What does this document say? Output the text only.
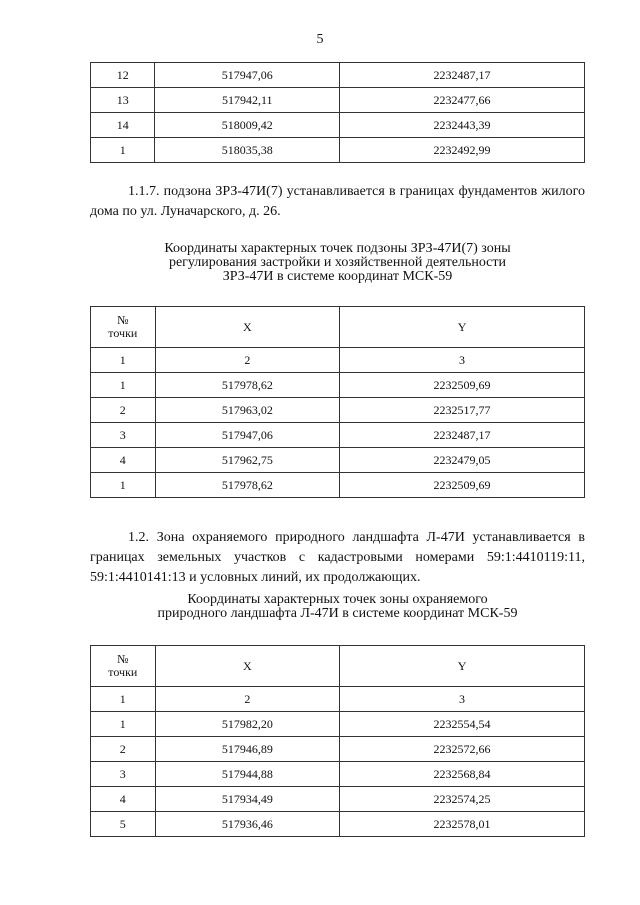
5
12	517947,06	2232487,17
13	517942,11	2232477,66
14	518009,42	2232443,39
1	518035,38	2232492,99
1.1.7. подзона ЗРЗ-47И(7) устанавливается в границах фундаментов жилого дома по ул. Луначарского, д. 26.
Координаты характерных точек подзоны ЗРЗ-47И(7) зоны
регулирования застройки и хозяйственной деятельности
ЗРЗ-47И в системе координат МСК-59
№
точки	X	Y
1	2	3
1	517978,62	2232509,69
2	517963,02	2232517,77
3	517947,06	2232487,17
4	517962,75	2232479,05
1	517978,62	2232509,69
1.2. Зона охраняемого природного ландшафта Л-47И устанавливается в границах земельных участков с кадастровыми номерами 59:1:4410119:11, 59:1:4410141:13 и условных линий, их продолжающих.
Координаты характерных точек зоны охраняемого
природного ландшафта Л-47И в системе координат МСК-59
№
точки	X	Y
1	2	3
1	517982,20	2232554,54
2	517946,89	2232572,66
3	517944,88	2232568,84
4	517934,49	2232574,25
5	517936,46	2232578,01
